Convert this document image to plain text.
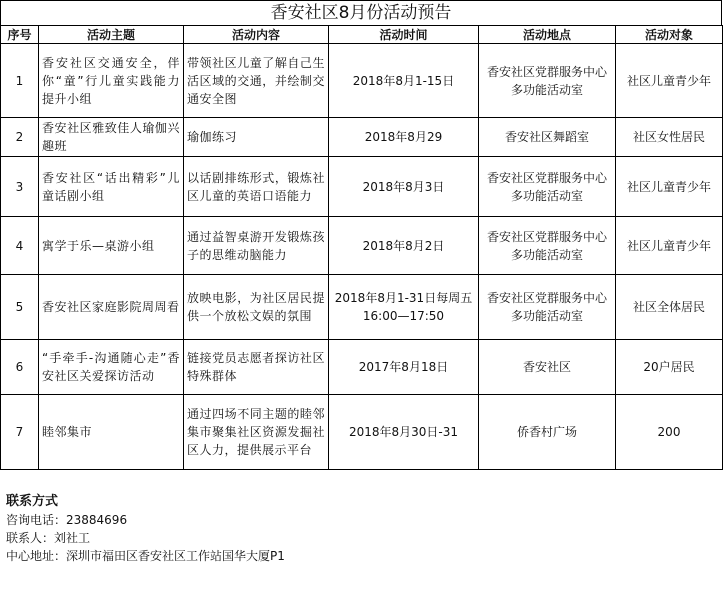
香安社区8月份活动预告
序号	活动主题	活动内容	活动时间	活动地点	活动对象
1	香安社区交通安全，伴你“童”行儿童实践能力提升小组	带领社区儿童了解自己生活区域的交通，并绘制交通安全图	2018年8月1-15日	香安社区党群服务中心多功能活动室	社区儿童青少年
2	香安社区雅致佳人瑜伽兴趣班	瑜伽练习	2018年8月29	香安社区舞蹈室	社区女性居民
3	香安社区“话出精彩”儿童话剧小组	以话剧排练形式，锻炼社区儿童的英语口语能力	2018年8月3日	香安社区党群服务中心多功能活动室	社区儿童青少年
4	寓学于乐—桌游小组	通过益智桌游开发锻炼孩子的思维动脑能力	2018年8月2日	香安社区党群服务中心多功能活动室	社区儿童青少年
5	香安社区家庭影院周周看	放映电影，为社区居民提供一个放松文娱的氛围	2018年8月1-31日每周五 16:00—17:50	香安社区党群服务中心多功能活动室	社区全体居民
6	“手牵手-沟通随心走”香安社区关爱探访活动	链接党员志愿者探访社区特殊群体	2017年8月18日	香安社区	20户居民
7	睦邻集市	通过四场不同主题的睦邻集市聚集社区资源发掘社区人力，提供展示平台	2018年8月30日-31	侨香村广场	200
联系方式
咨询电话：23884696
联系人：刘社工
中心地址：深圳市福田区香安社区工作站国华大厦P1
